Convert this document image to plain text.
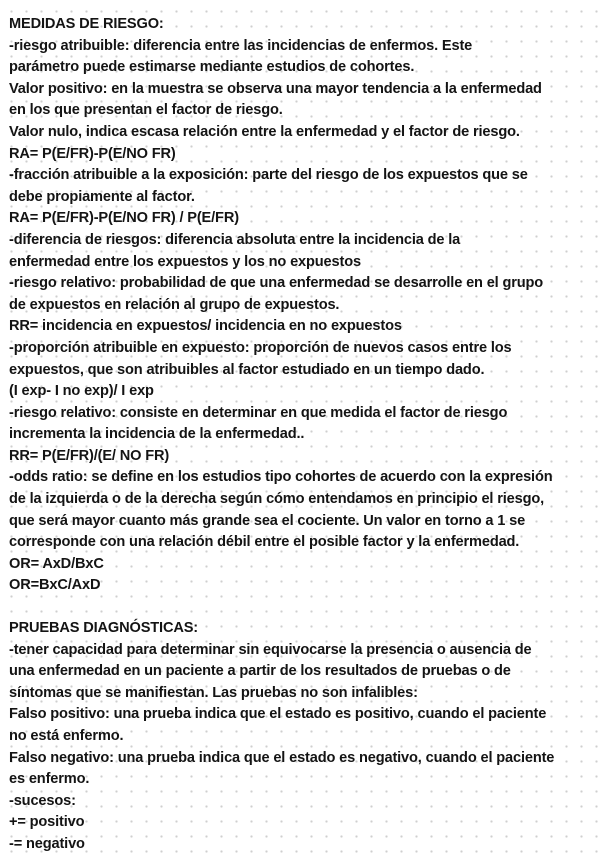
MEDIDAS DE RIESGO:
-riesgo atribuible: diferencia entre las incidencias de enfermos. Este
parámetro puede estimarse mediante estudios de cohortes.
Valor positivo: en la muestra se observa una mayor tendencia a la enfermedad
en los que presentan el factor de riesgo.
Valor nulo, indica escasa relación entre la enfermedad y el factor de riesgo.
RA= P(E/FR)-P(E/NO FR)
-fracción atribuible a la exposición: parte del riesgo de los expuestos que se
debe propiamente al factor.
RA= P(E/FR)-P(E/NO FR) / P(E/FR)
-diferencia de riesgos: diferencia absoluta entre la incidencia de la
enfermedad entre los expuestos y los no expuestos
-riesgo relativo: probabilidad de que una enfermedad se desarrolle en el grupo
de expuestos en relación al grupo de expuestos.
RR= incidencia en expuestos/ incidencia en no expuestos
-proporción atribuible en expuesto: proporción de nuevos casos entre los
expuestos, que son atribuibles al factor estudiado en un tiempo dado.
(I exp- I no exp)/ I exp
-riesgo relativo: consiste en determinar en que medida el factor de riesgo
incrementa la incidencia de la enfermedad..
RR= P(E/FR)/(E/ NO FR)
-odds ratio: se define en los estudios tipo cohortes de acuerdo con la expresión
de la izquierda o de la derecha según cómo entendamos en principio el riesgo,
que será mayor cuanto más grande sea el cociente. Un valor en torno a 1 se
corresponde con una relación débil entre el posible factor y la enfermedad.
OR= AxD/BxC
OR=BxC/AxD
PRUEBAS DIAGNÓSTICAS:
-tener capacidad para determinar sin equivocarse la presencia o ausencia de
una enfermedad en un paciente a partir de los resultados de pruebas o de
síntomas que se manifiestan. Las pruebas no son infalibles:
Falso positivo: una prueba indica que el estado es positivo, cuando el paciente
no está enfermo.
Falso negativo: una prueba indica que el estado es negativo, cuando el paciente
es enfermo.
-sucesos:
+= positivo
-= negativo
